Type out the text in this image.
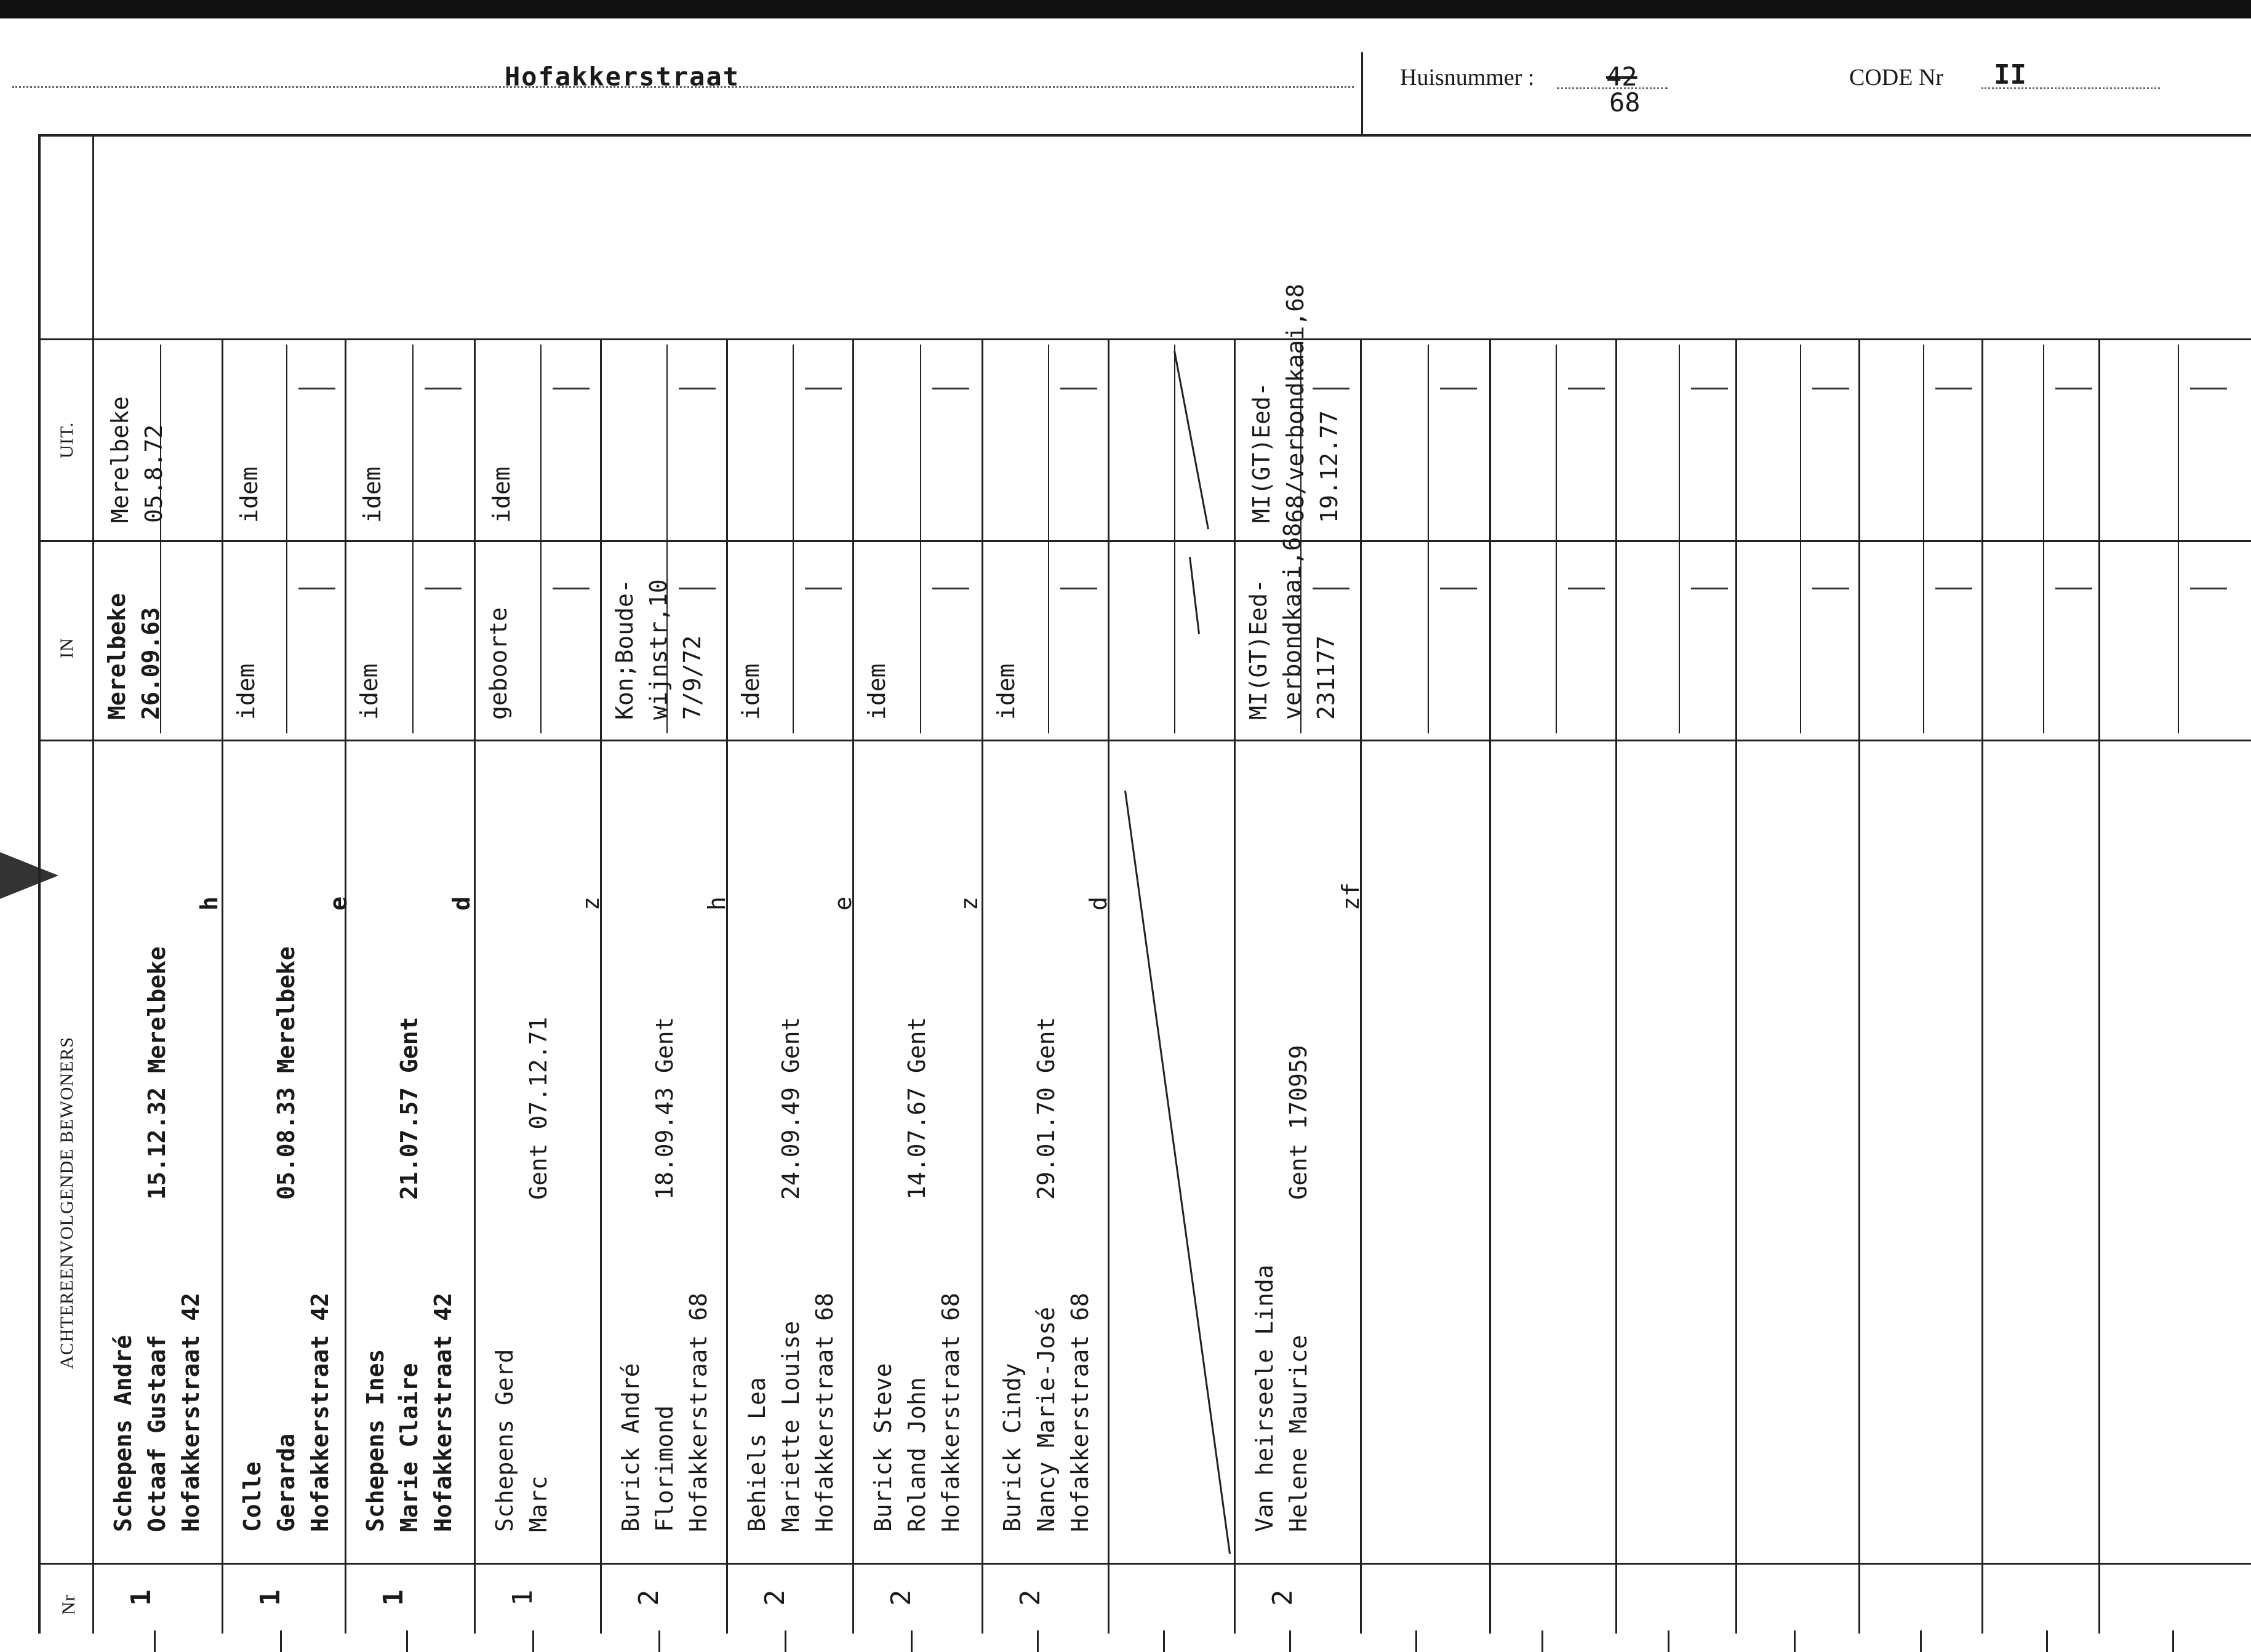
Hofakkerstraat	Huisnummer :	42
68
CODE Nr II
Nr
ACHTEREENVOLGENDE BEWONERS
IN
UIT.
1
Schepens André Octaaf Gustaaf Hofakkerstraat 42
15.12.32 Merelbeke
h
Merelbeke 26.09.63
Merelbeke 05.8.72
1
Colle Gerarda Hofakkerstraat 42
05.08.33 Merelbeke
e
idem
idem
1
Schepens Ines Marie Claire Hofakkerstraat 42
21.07.57 Gent
d
idem
idem
1
Schepens Gerd Marc
Gent 07.12.71
z
geboorte
idem
2
Burick André Florimond Hofakkerstraat 68
18.09.43 Gent
h
Kon;Boude- wijnstr,10 7/9/72
2
Behiels Lea Mariette Louise Hofakkerstraat 68
24.09.49 Gent
e
idem
2
Burick Steve Roland John Hofakkerstraat 68
14.07.67 Gent
z
idem
2
Burick Cindy Nancy Marie-José Hofakkerstraat 68
29.01.70 Gent
d
idem
2
Van heirseele Linda Helene Maurice
Gent 170959
zf
MI(GT)Eed- verbondkaai,68 231177
MI(GT)Eed- 68/verbondkaai,68 19.12.77
